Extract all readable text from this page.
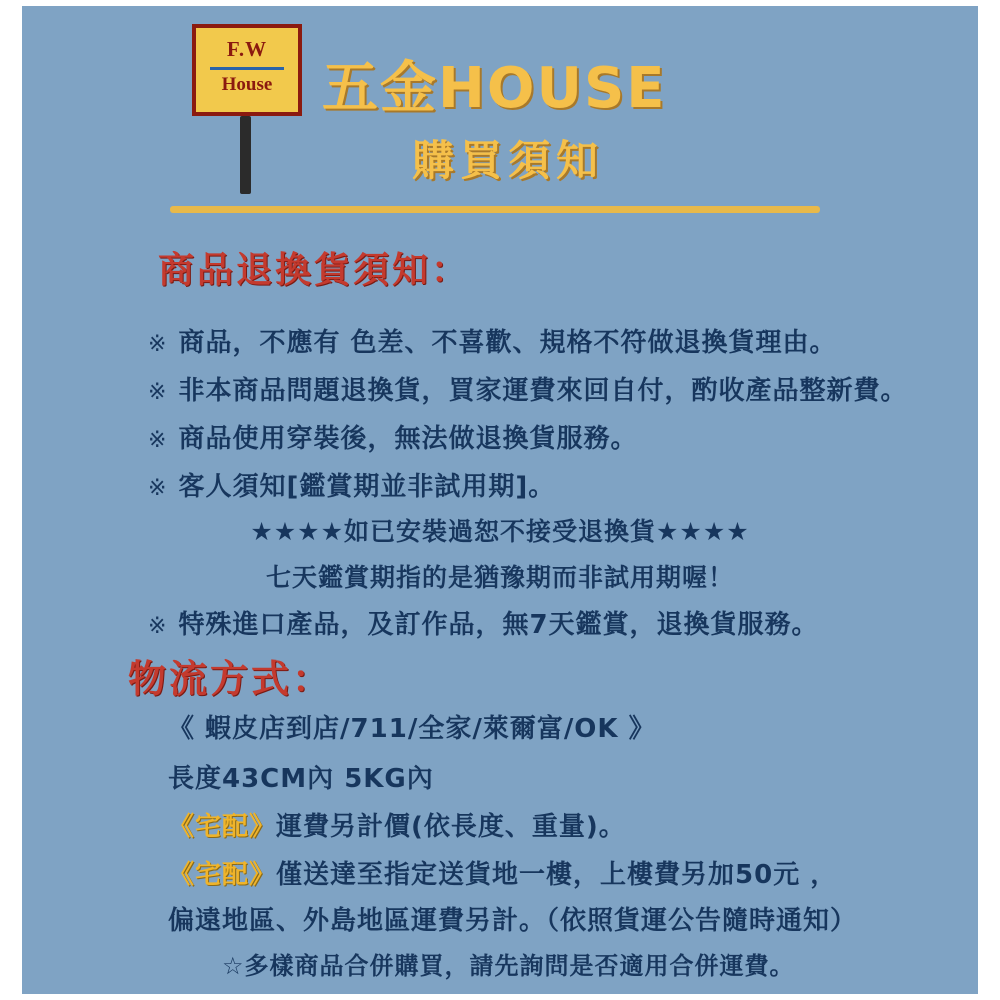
F.W
House 五金HOUSE
購買須知
商品退換貨須知：
※ 商品，不應有 色差、不喜歡、規格不符做退換貨理由。
※ 非本商品問題退換貨，買家運費來回自付，酌收產品整新費。
※ 商品使用穿裝後，無法做退換貨服務。
※ 客人須知 [鑑賞期並非試用期] 。
★★★★如已安裝過恕不接受退換貨★★★★
七天鑑賞期指的是猶豫期而非試用期喔！
※ 特殊進口產品，及訂作品，無7天鑑賞，退換貨服務。
物流方式：
《 蝦皮店到店/711/全家/萊爾富/OK 》
長度43CM內 5KG內
《宅配》運費另計價(依長度、重量)。
《宅配》僅送達至指定送貨地一樓，上樓費另加50元 ，
偏遠地區、外島地區運費另計。（依照貨運公告隨時通知）
☆多樣商品合併購買，請先詢問是否適用合併運費。
